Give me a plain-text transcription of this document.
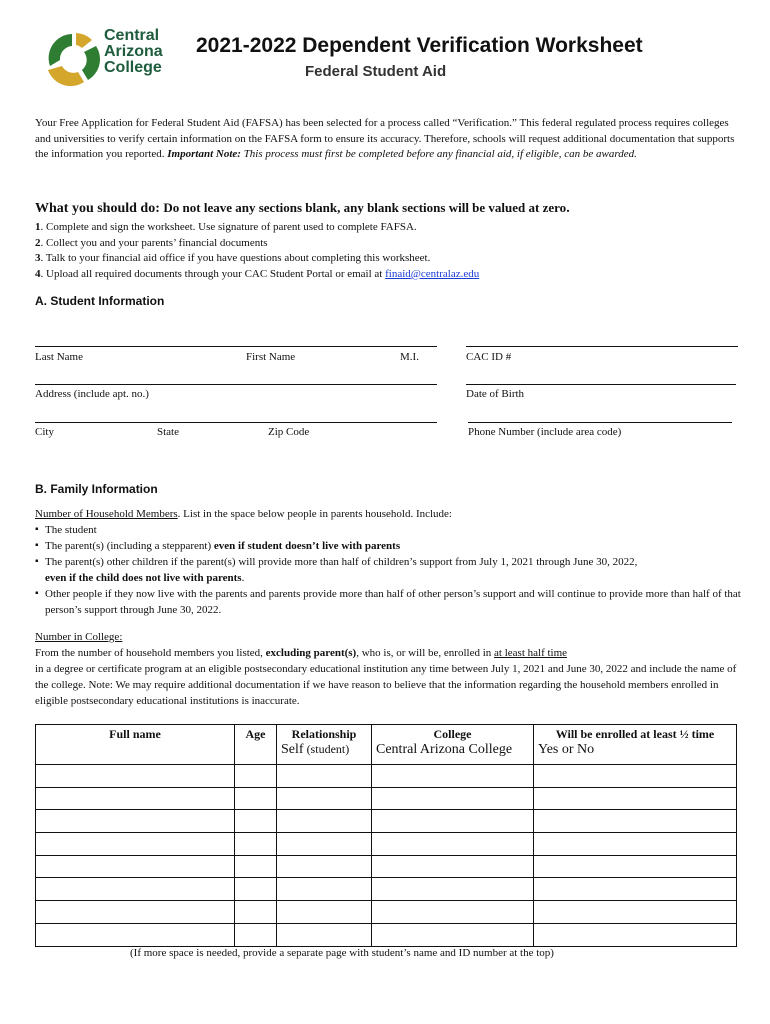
Central
Arizona
College
2021-2022 Dependent Verification Worksheet
Federal Student Aid
Your Free Application for Federal Student Aid (FAFSA) has been selected for a process called “Verification.” This federal regulated process requires colleges and universities to verify certain information on the FAFSA form to ensure its accuracy. Therefore, schools will request additional documentation that supports the information you reported. Important Note: This process must first be completed before any financial aid, if eligible, can be awarded.
What you should do: Do not leave any sections blank, any blank sections will be valued at zero.
1. Complete and sign the worksheet. Use signature of parent used to complete FAFSA.
2. Collect you and your parents’ financial documents
3. Talk to your financial aid office if you have questions about completing this worksheet.
4. Upload all required documents through your CAC Student Portal or email at finaid@centralaz.edu
A. Student Information
Last Name	First Name	M.I.	CAC ID #
Address (include apt. no.)	Date of Birth
City	State	Zip Code	Phone Number (include area code)
B. Family Information
Number of Household Members. List in the space below people in parents household. Include:
▪ The student
▪ The parent(s) (including a stepparent) even if student doesn’t live with parents
▪ The parent(s) other children if the parent(s) will provide more than half of children’s support from July 1, 2021 through June 30, 2022,
even if the child does not live with parents.
▪ Other people if they now live with the parents and parents provide more than half of other person’s support and will continue to provide more than half of that person’s support through June 30, 2022.
Number in College:
From the number of household members you listed, excluding parent(s), who is, or will be, enrolled in at least half time
in a degree or certificate program at an eligible postsecondary educational institution any time between July 1, 2021 and June 30, 2022 and include the name of the college. Note: We may require additional documentation if we have reason to believe that the information regarding the household members enrolled in eligible postsecondary educational institutions is inaccurate.
Full name	Age	Relationship	College	Will be enrolled at least ½ time
		Self (student)	Central Arizona College	Yes or No

(If more space is needed, provide a separate page with student’s name and ID number at the top)
